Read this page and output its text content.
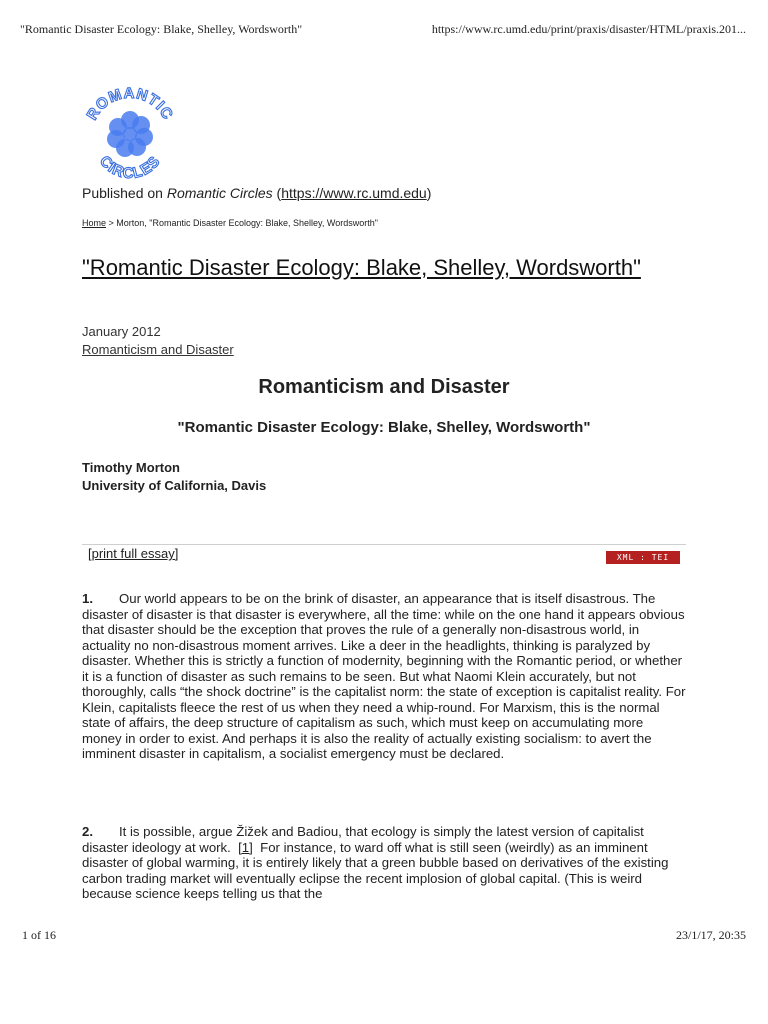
"Romantic Disaster Ecology: Blake, Shelley, Wordsworth"	https://www.rc.umd.edu/print/praxis/disaster/HTML/praxis.201...
ROMANTIC
CIRCLES
Published on Romantic Circles (https://www.rc.umd.edu)
Home > Morton, "Romantic Disaster Ecology: Blake, Shelley, Wordsworth"
"Romantic Disaster Ecology: Blake, Shelley, Wordsworth"
January 2012
Romanticism and Disaster
Romanticism and Disaster
"Romantic Disaster Ecology: Blake, Shelley, Wordsworth"
Timothy Morton
University of California, Davis
[print full essay]	XML : TEI

1. Our world appears to be on the brink of disaster, an appearance that is itself disastrous. The disaster of disaster is that disaster is everywhere, all the time: while on the one hand it appears obvious that disaster should be the exception that proves the rule of a generally non-disastrous world, in actuality no non-disastrous moment arrives. Like a deer in the headlights, thinking is paralyzed by disaster. Whether this is strictly a function of modernity, beginning with the Romantic period, or whether it is a function of disaster as such remains to be seen. But what Naomi Klein accurately, but not thoroughly, calls “the shock doctrine” is the capitalist norm: the state of exception is capitalist reality. For Klein, capitalists fleece the rest of us when they need a whip-round. For Marxism, this is the normal state of affairs, the deep structure of capitalism as such, which must keep on accumulating more money in order to exist. And perhaps it is also the reality of actually existing socialism: to avert the imminent disaster in capitalism, a socialist emergency must be declared.

2. It is possible, argue Žižek and Badiou, that ecology is simply the latest version of capitalist disaster ideology at work. [1] For instance, to ward off what is still seen (weirdly) as an imminent disaster of global warming, it is entirely likely that a green bubble based on derivatives of the existing carbon trading market will eventually eclipse the recent implosion of global capital. (This is weird because science keeps telling us that the

1 of 16	23/1/17, 20:35
